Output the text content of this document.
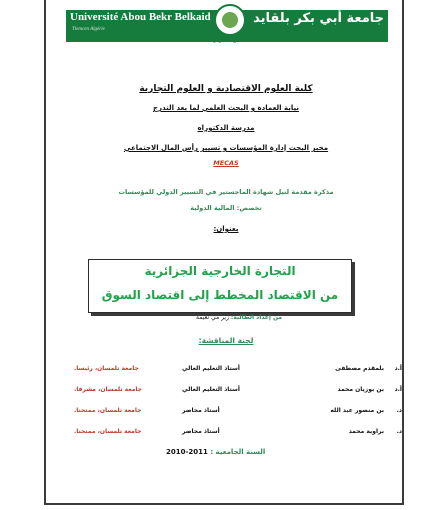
Université Abou Bekr Belkaid
Tlemcen Algérie
جامعة أبي بكر بلقايد
تلمسان - الجزائر
كلية العلوم الاقتصادية و العلوم التجارية
نيابة العمادة و البحث العلمي لما بعد التدرج
مدرسة الدكتوراه
مخبر البحث إدارة المؤسسات و تسيير رأس المال الاجتماعي
MECAS
مذكرة مقدمة لنيل شهادة الماجستير في التسيير الدولي للمؤسسات
تخصص: المالية الدولية
بعنوان:
التجارة الخارجية الجزائرية
من الاقتصاد المخطط إلى اقتصاد السوق
من إعداد الطالبة: زير مي نعيمة
لجنة المناقشة:
أ.د
بلمقدم مصطفى
أستاذ التعليم العالي
جامعة تلمسان، رئيسا.
أ.د
بن بوزيان محمد
أستاذ التعليم العالي
جامعة تلمسان، مشرفا.
د.
بن منصور عبد الله
أستاذ محاضر
جامعة تلمسان، ممتحنا.
د.
براوية محمد
أستاذ محاضر
جامعة تلمسان، ممتحنا.
السنة الجامعية : 2010-2011
